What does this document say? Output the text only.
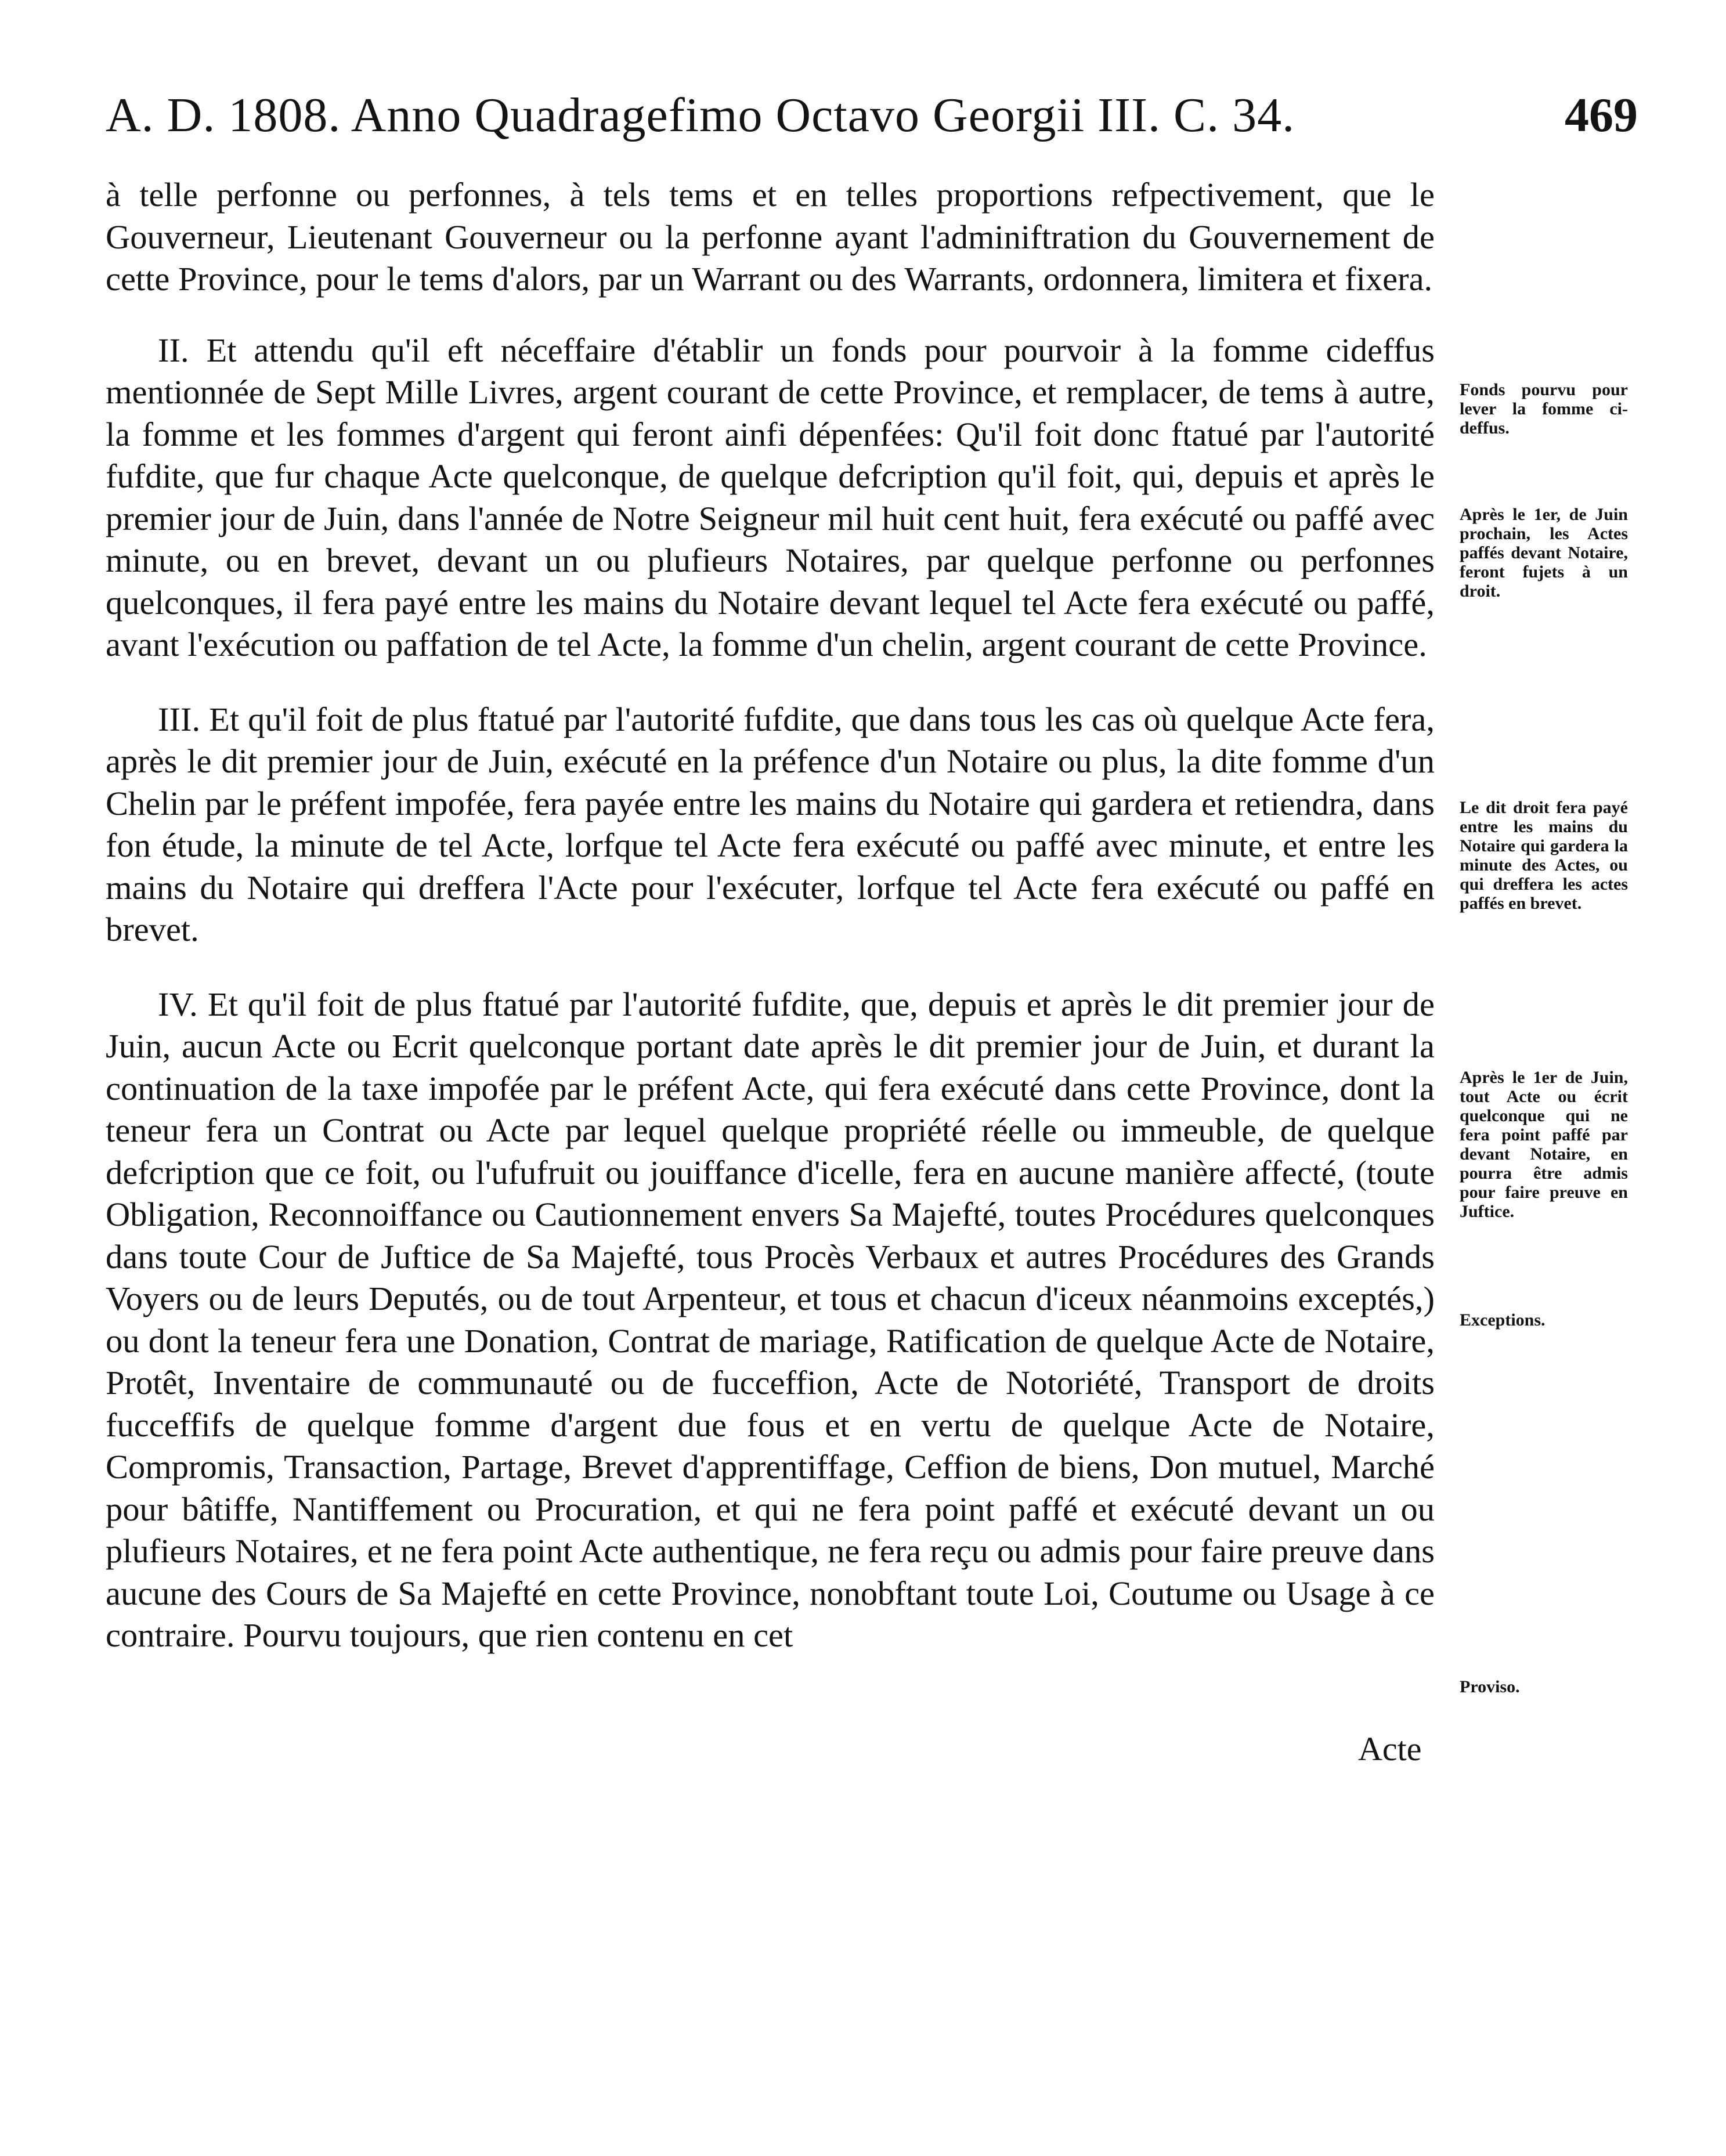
A. D. 1808. Anno Quadragefimo Octavo Georgii III. C. 34.	469

à telle perfonne ou perfonnes, à tels tems et en telles proportions refpectivement, que le Gouverneur, Lieutenant Gouverneur ou la perfonne ayant l'adminiftration du Gouvernement de cette Province, pour le tems d'alors, par un Warrant ou des Warrants, ordonnera, limitera et fixera.

II. Et attendu qu'il eft néceffaire d'établir un fonds pour pourvoir à la fomme cideffus mentionnée de Sept Mille Livres, argent courant de cette Province, et remplacer, de tems à autre, la fomme et les fommes d'argent qui feront ainfi dépenfées: Qu'il foit donc ftatué par l'autorité fufdite, que fur chaque Acte quelconque, de quelque defcription qu'il foit, qui, depuis et après le premier jour de Juin, dans l'année de Notre Seigneur mil huit cent huit, fera exécuté ou paffé avec minute, ou en brevet, devant un ou plufieurs Notaires, par quelque perfonne ou perfonnes quelconques, il fera payé entre les mains du Notaire devant lequel tel Acte fera exécuté ou paffé, avant l'exécution ou paffation de tel Acte, la fomme d'un chelin, argent courant de cette Province.

III. Et qu'il foit de plus ftatué par l'autorité fufdite, que dans tous les cas où quelque Acte fera, après le dit premier jour de Juin, exécuté en la préfence d'un Notaire ou plus, la dite fomme d'un Chelin par le préfent impofée, fera payée entre les mains du Notaire qui gardera et retiendra, dans fon étude, la minute de tel Acte, lorfque tel Acte fera exécuté ou paffé avec minute, et entre les mains du Notaire qui dreffera l'Acte pour l'exécuter, lorfque tel Acte fera exécuté ou paffé en brevet.

IV. Et qu'il foit de plus ftatué par l'autorité fufdite, que, depuis et après le dit premier jour de Juin, aucun Acte ou Ecrit quelconque portant date après le dit premier jour de Juin, et durant la continuation de la taxe impofée par le préfent Acte, qui fera exécuté dans cette Province, dont la teneur fera un Contrat ou Acte par lequel quelque propriété réelle ou immeuble, de quelque defcription que ce foit, ou l'ufufruit ou jouiffance d'icelle, fera en aucune manière affecté, (toute Obligation, Reconnoiffance ou Cautionnement envers Sa Majefté, toutes Procédures quelconques dans toute Cour de Juftice de Sa Majefté, tous Procès Verbaux et autres Procédures des Grands Voyers ou de leurs Deputés, ou de tout Arpenteur, et tous et chacun d'iceux néanmoins exceptés,) ou dont la teneur fera une Donation, Contrat de mariage, Ratification de quelque Acte de Notaire, Protêt, Inventaire de communauté ou de fucceffion, Acte de Notoriété, Transport de droits fucceffifs de quelque fomme d'argent due fous et en vertu de quelque Acte de Notaire, Compromis, Transaction, Partage, Brevet d'apprentiffage, Ceffion de biens, Don mutuel, Marché pour bâtiffe, Nantiffement ou Procuration, et qui ne fera point paffé et exécuté devant un ou plufieurs Notaires, et ne fera point Acte authentique, ne fera reçu ou admis pour faire preuve dans aucune des Cours de Sa Majefté en cette Province, nonobftant toute Loi, Coutume ou Usage à ce contraire. Pourvu toujours, que rien contenu en cet

Acte
Fonds pourvu pour lever la fomme ci-deffus.
Après le 1er, de Juin prochain, les Actes paffés devant Notaire, feront fujets à un droit.
Le dit droit fera payé entre les mains du Notaire qui gardera la minute des Actes, ou qui dreffera les actes paffés en brevet.
Après le 1er de Juin, tout Acte ou écrit quelconque qui ne fera point paffé par devant Notaire, en pourra être admis pour faire preuve en Juftice.
Exceptions.
Proviso.
